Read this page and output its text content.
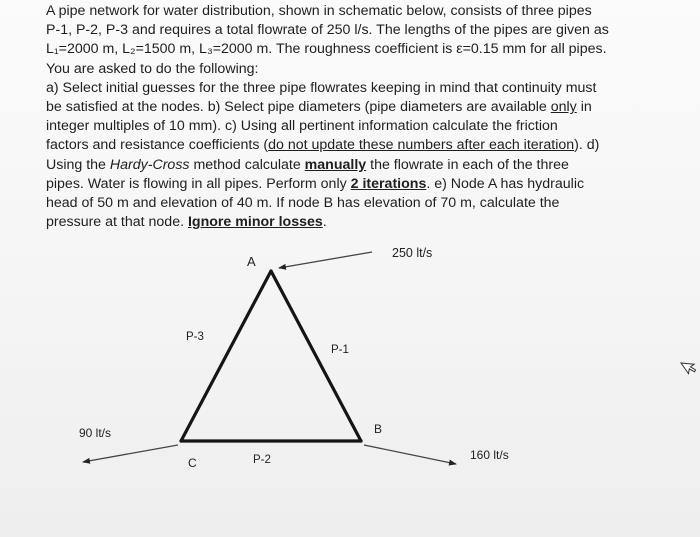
A pipe network for water distribution, shown in schematic below, consists of three pipes
P-1, P-2, P-3 and requires a total flowrate of 250 l/s. The lengths of the pipes are given as
L₁=2000 m, L₂=1500 m, L₃=2000 m. The roughness coefficient is ε=0.15 mm for all pipes.
You are asked to do the following:

a) Select initial guesses for the three pipe flowrates keeping in mind that continuity must
be satisfied at the nodes. b) Select pipe diameters (pipe diameters are available only in
integer multiples of 10 mm). c) Using all pertinent information calculate the friction
factors and resistance coefficients (do not update these numbers after each iteration). d)
Using the Hardy-Cross method calculate manually the flowrate in each of the three
pipes. Water is flowing in all pipes. Perform only 2 iterations. e) Node A has hydraulic
head of 50 m and elevation of 40 m. If node B has elevation of 70 m, calculate the
pressure at that node. Ignore minor losses.

A
B
C
P-1
P-2
P-3
250 lt/s
90 lt/s
160 lt/s
